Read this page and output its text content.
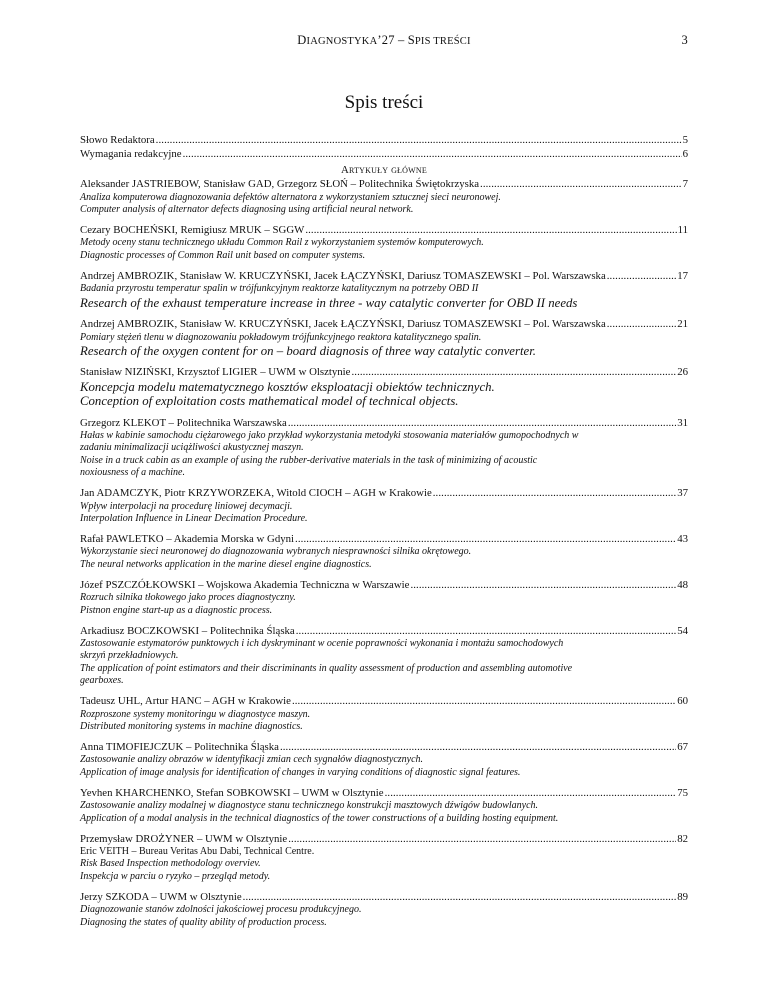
DIAGNOSTYKA’27 – SPIS TREŚCI	3
Spis treści
Słowo Redaktora .....	5
Wymagania redakcyjne .....	6
Artykuły główne
Aleksander JASTRIEBOW, Stanisław GAD, Grzegorz SŁOŃ – Politechnika Świętokrzyska .....	7
Analiza komputerowa diagnozowania defektów alternatora z wykorzystaniem sztucznej sieci neuronowej.
Computer analysis of alternator defects diagnosing using artificial neural network.
Cezary BOCHEŃSKI, Remigiusz MRUK – SGGW .....	11
Metody oceny stanu technicznego układu Common Rail z wykorzystaniem systemów komputerowych.
Diagnostic processes of Common Rail unit based on computer systems.
Andrzej AMBROZIK, Stanisław W. KRUCZYŃSKI, Jacek ŁĄCZYŃSKI, Dariusz TOMASZEWSKI – Pol. Warszawska .....	17
Badania przyrostu temperatur spalin w trójfunkcyjnym reaktorze katalitycznym na potrzeby OBD II
Research of the exhaust temperature increase in three - way catalytic converter for OBD II needs
Andrzej AMBROZIK, Stanisław W. KRUCZYŃSKI, Jacek ŁĄCZYŃSKI, Dariusz TOMASZEWSKI – Pol. Warszawska .....	21
Pomiary stężeń tlenu w diagnozowaniu pokładowym trójfunkcyjnego reaktora katalitycznego spalin.
Research of the oxygen content for on – board diagnosis of three way catalytic converter.
Stanisław NIZIŃSKI, Krzysztof LIGIER – UWM w Olsztynie .....	26
Koncepcja modelu matematycznego kosztów eksploatacji obiektów technicznych.
Conception of exploitation costs mathematical model of technical objects.
Grzegorz KLEKOT – Politechnika Warszawska .....	31
Hałas w kabinie samochodu ciężarowego jako przykład wykorzystania metodyki stosowania materiałów gumopochodnych w
zadaniu minimalizacji uciążliwości akustycznej maszyn.
Noise in a truck cabin as an example of using the rubber-derivative materials in the task of minimizing of acoustic
noxiousness of a machine.
Jan ADAMCZYK, Piotr KRZYWORZEKA, Witold CIOCH – AGH w Krakowie .....	37
Wpływ interpolacji na procedurę liniowej decymacji.
Interpolation Influence in Linear Decimation Procedure.
Rafał PAWLETKO – Akademia Morska w Gdyni .....	43
Wykorzystanie sieci neuronowej do diagnozowania wybranych niesprawności silnika okrętowego.
The neural networks application in the marine diesel engine diagnostics.
Józef PSZCZÓŁKOWSKI – Wojskowa Akademia Techniczna w Warszawie .....	48
Rozruch silnika tłokowego jako proces diagnostyczny.
Pistnon engine start-up as a diagnostic process.
Arkadiusz BOCZKOWSKI – Politechnika Śląska .....	54
Zastosowanie estymatorów punktowych i ich dyskryminant w ocenie poprawności wykonania i montażu samochodowych
skrzyń przekładniowych.
The application of point estimators and their discriminants in quality assessment of production and assembling automotive
gearboxes.
Tadeusz UHL, Artur HANC – AGH w Krakowie .....	60
Rozproszone systemy monitoringu w diagnostyce maszyn.
Distributed monitoring systems in machine diagnostics.
Anna TIMOFIEJCZUK – Politechnika Śląska .....	67
Zastosowanie analizy obrazów w identyfikacji zmian cech sygnałów diagnostycznych.
Application of image analysis for identification of changes in varying conditions of diagnostic signal features.
Yevhen KHARCHENKO, Stefan SOBKOWSKI – UWM w Olsztynie .....	75
Zastosowanie analizy modalnej w diagnostyce stanu technicznego konstrukcji masztowych dźwigów budowlanych.
Application of a modal analysis in the technical diagnostics of the tower constructions of a building hosting equipment.
Przemysław DROŻYNER – UWM w Olsztynie .....	82
Eric VEITH – Bureau Veritas Abu Dabi, Technical Centre.
Risk Based Inspection methodology overviev.
Inspekcja w parciu o ryzyko – przegląd metody.
Jerzy SZKODA – UWM w Olsztynie .....	89
Diagnozowanie stanów zdolności jakościowej procesu produkcyjnego.
Diagnosing the states of quality ability of production process.
